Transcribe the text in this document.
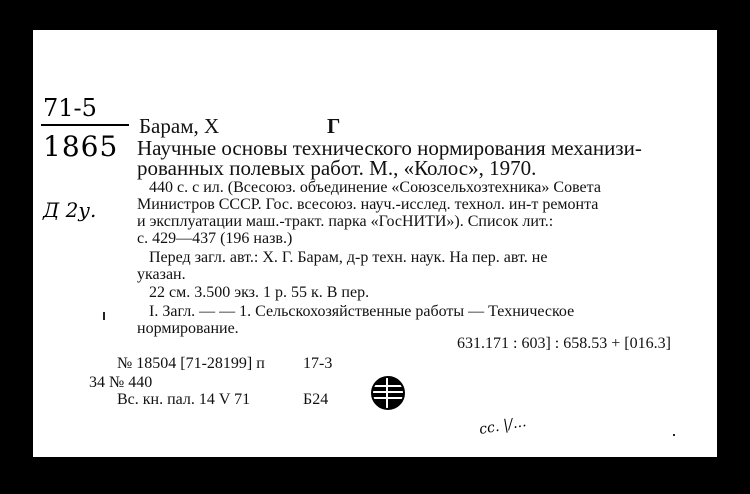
71-5
1865
Д 2у.
Барам, Х	Г
Научные основы технического нормирования механизи-
рованных полевых работ. М., «Колос», 1970.
440 с. с ил. (Всесоюз. объединение «Союзсельхозтехника» Совета
Министров СССР. Гос. всесоюз. науч.-исслед. технол. ин-т ремонта
и эксплуатации маш.-тракт. парка «ГосНИТИ»). Список лит.:
с. 429—437 (196 назв.)
Перед загл. авт.: Х. Г. Барам, д-р техн. наук. На пер. авт. не
указан.
22 см. 3.500 экз. 1 р. 55 к. В пер.
I. Загл. — — 1. Сельскохозяйственные работы — Техническое
нормирование.
631.171 : 603] : 658.53 + [016.3]
№ 18504 [71-28199] п 17-3
34 № 440
Вс. кн. пал. 14 V 71	Б24
сс. |/...
